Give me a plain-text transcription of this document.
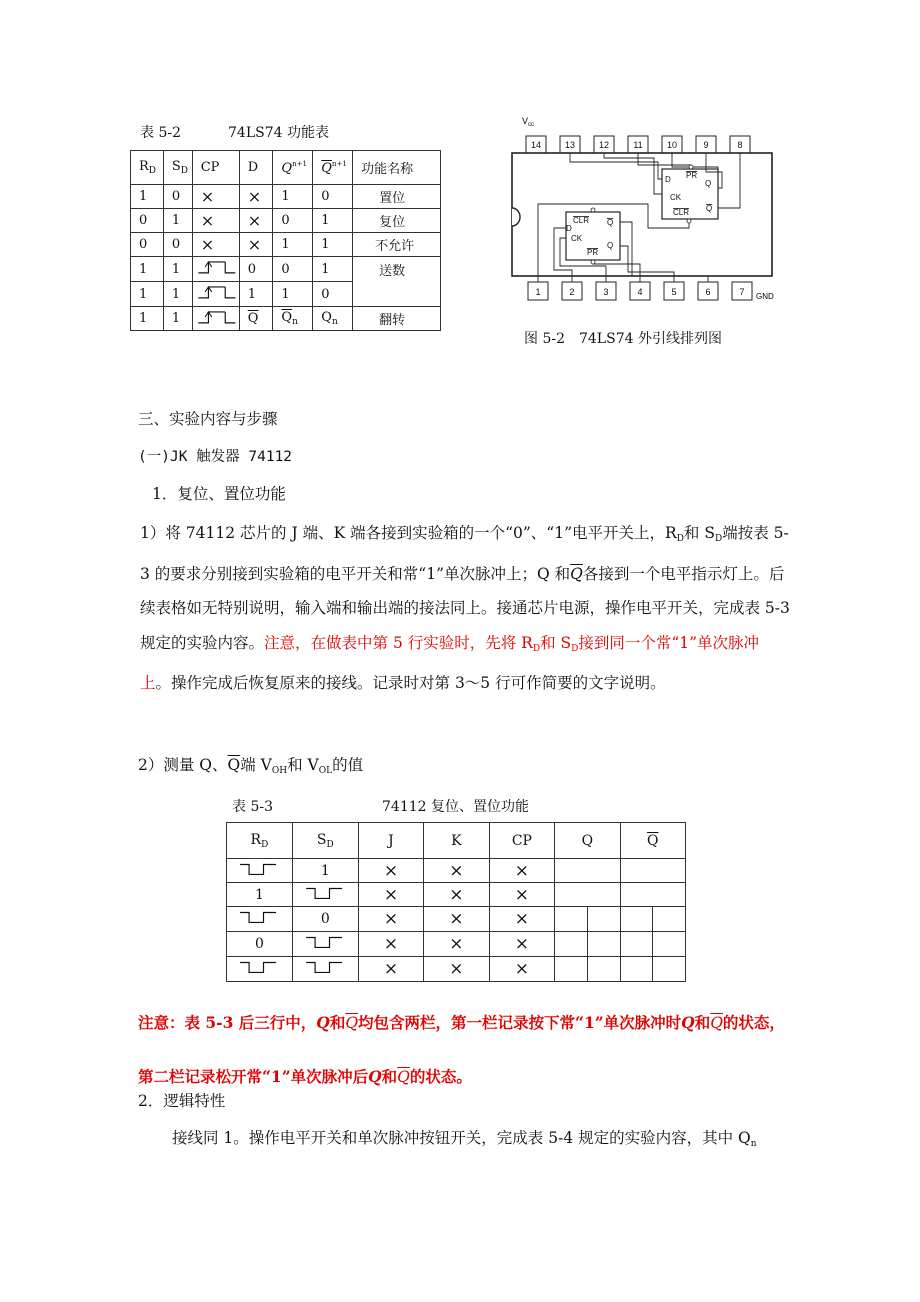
表 5-2	74LS74 功能表
$R_D$	$S_D$	CP	D	$Q^{n+1}$	$\overline{Q}^{n+1}$	功能名称
1	0	×	×	1	0	置位
0	1	×	×	0	1	复位
0	0	×	×	1	1	不允许
1	1		0	0	1	送数
1	1		1	1	0	
1	1		$\overline{Q}$	$\overline{Q}_n$	$Q_n$	翻转
$V_{cc}$
14	13	12	11	10	9	8
1	2	3	4	5	6	7 GND
D PR
Q
CK
CLR Q
CLR Q
D
CK
PR
Q
图 5-2　74LS74 外引线排列图
三、实验内容与步骤
(一)JK 触发器 74112
1．复位、置位功能
1）将 74112 芯片的 J 端、K 端各接到实验箱的一个“0”、“1”电平开关上，$R_D$和 $S_D$端按表 5-3 的要求分别接到实验箱的电平开关和常“1”单次脉冲上；Q 和$\overline{Q}$各接到一个电平指示灯上。后续表格如无特别说明，输入端和输出端的接法同上。接通芯片电源，操作电平开关，完成表 5-3 规定的实验内容。注意，在做表中第 5 行实验时，先将 $R_D$和 $S_D$接到同一个常“1”单次脉冲上。操作完成后恢复原来的接线。记录时对第 3～5 行可作简要的文字说明。
2）测量 Q、$\overline{Q}$端 $V_{OH}$和 $V_{OL}$的值
表 5-3	74112 复位、置位功能
$R_D$	$S_D$	J	K	CP	Q		$\overline{Q}$
	1	×	×	×				
1		×	×	×				
	0	×	×	×				
0		×	×	×				
		×	×	×				
注意：表 5-3 后三行中，Q和$\overline{Q}$均包含两栏，第一栏记录按下常“1”单次脉冲时Q和$\overline{Q}$的状态，第二栏记录松开常“1”单次脉冲后Q和$\overline{Q}$的状态。
2．逻辑特性
接线同 1。操作电平开关和单次脉冲按钮开关，完成表 5-4 规定的实验内容，其中 $Q_n$
